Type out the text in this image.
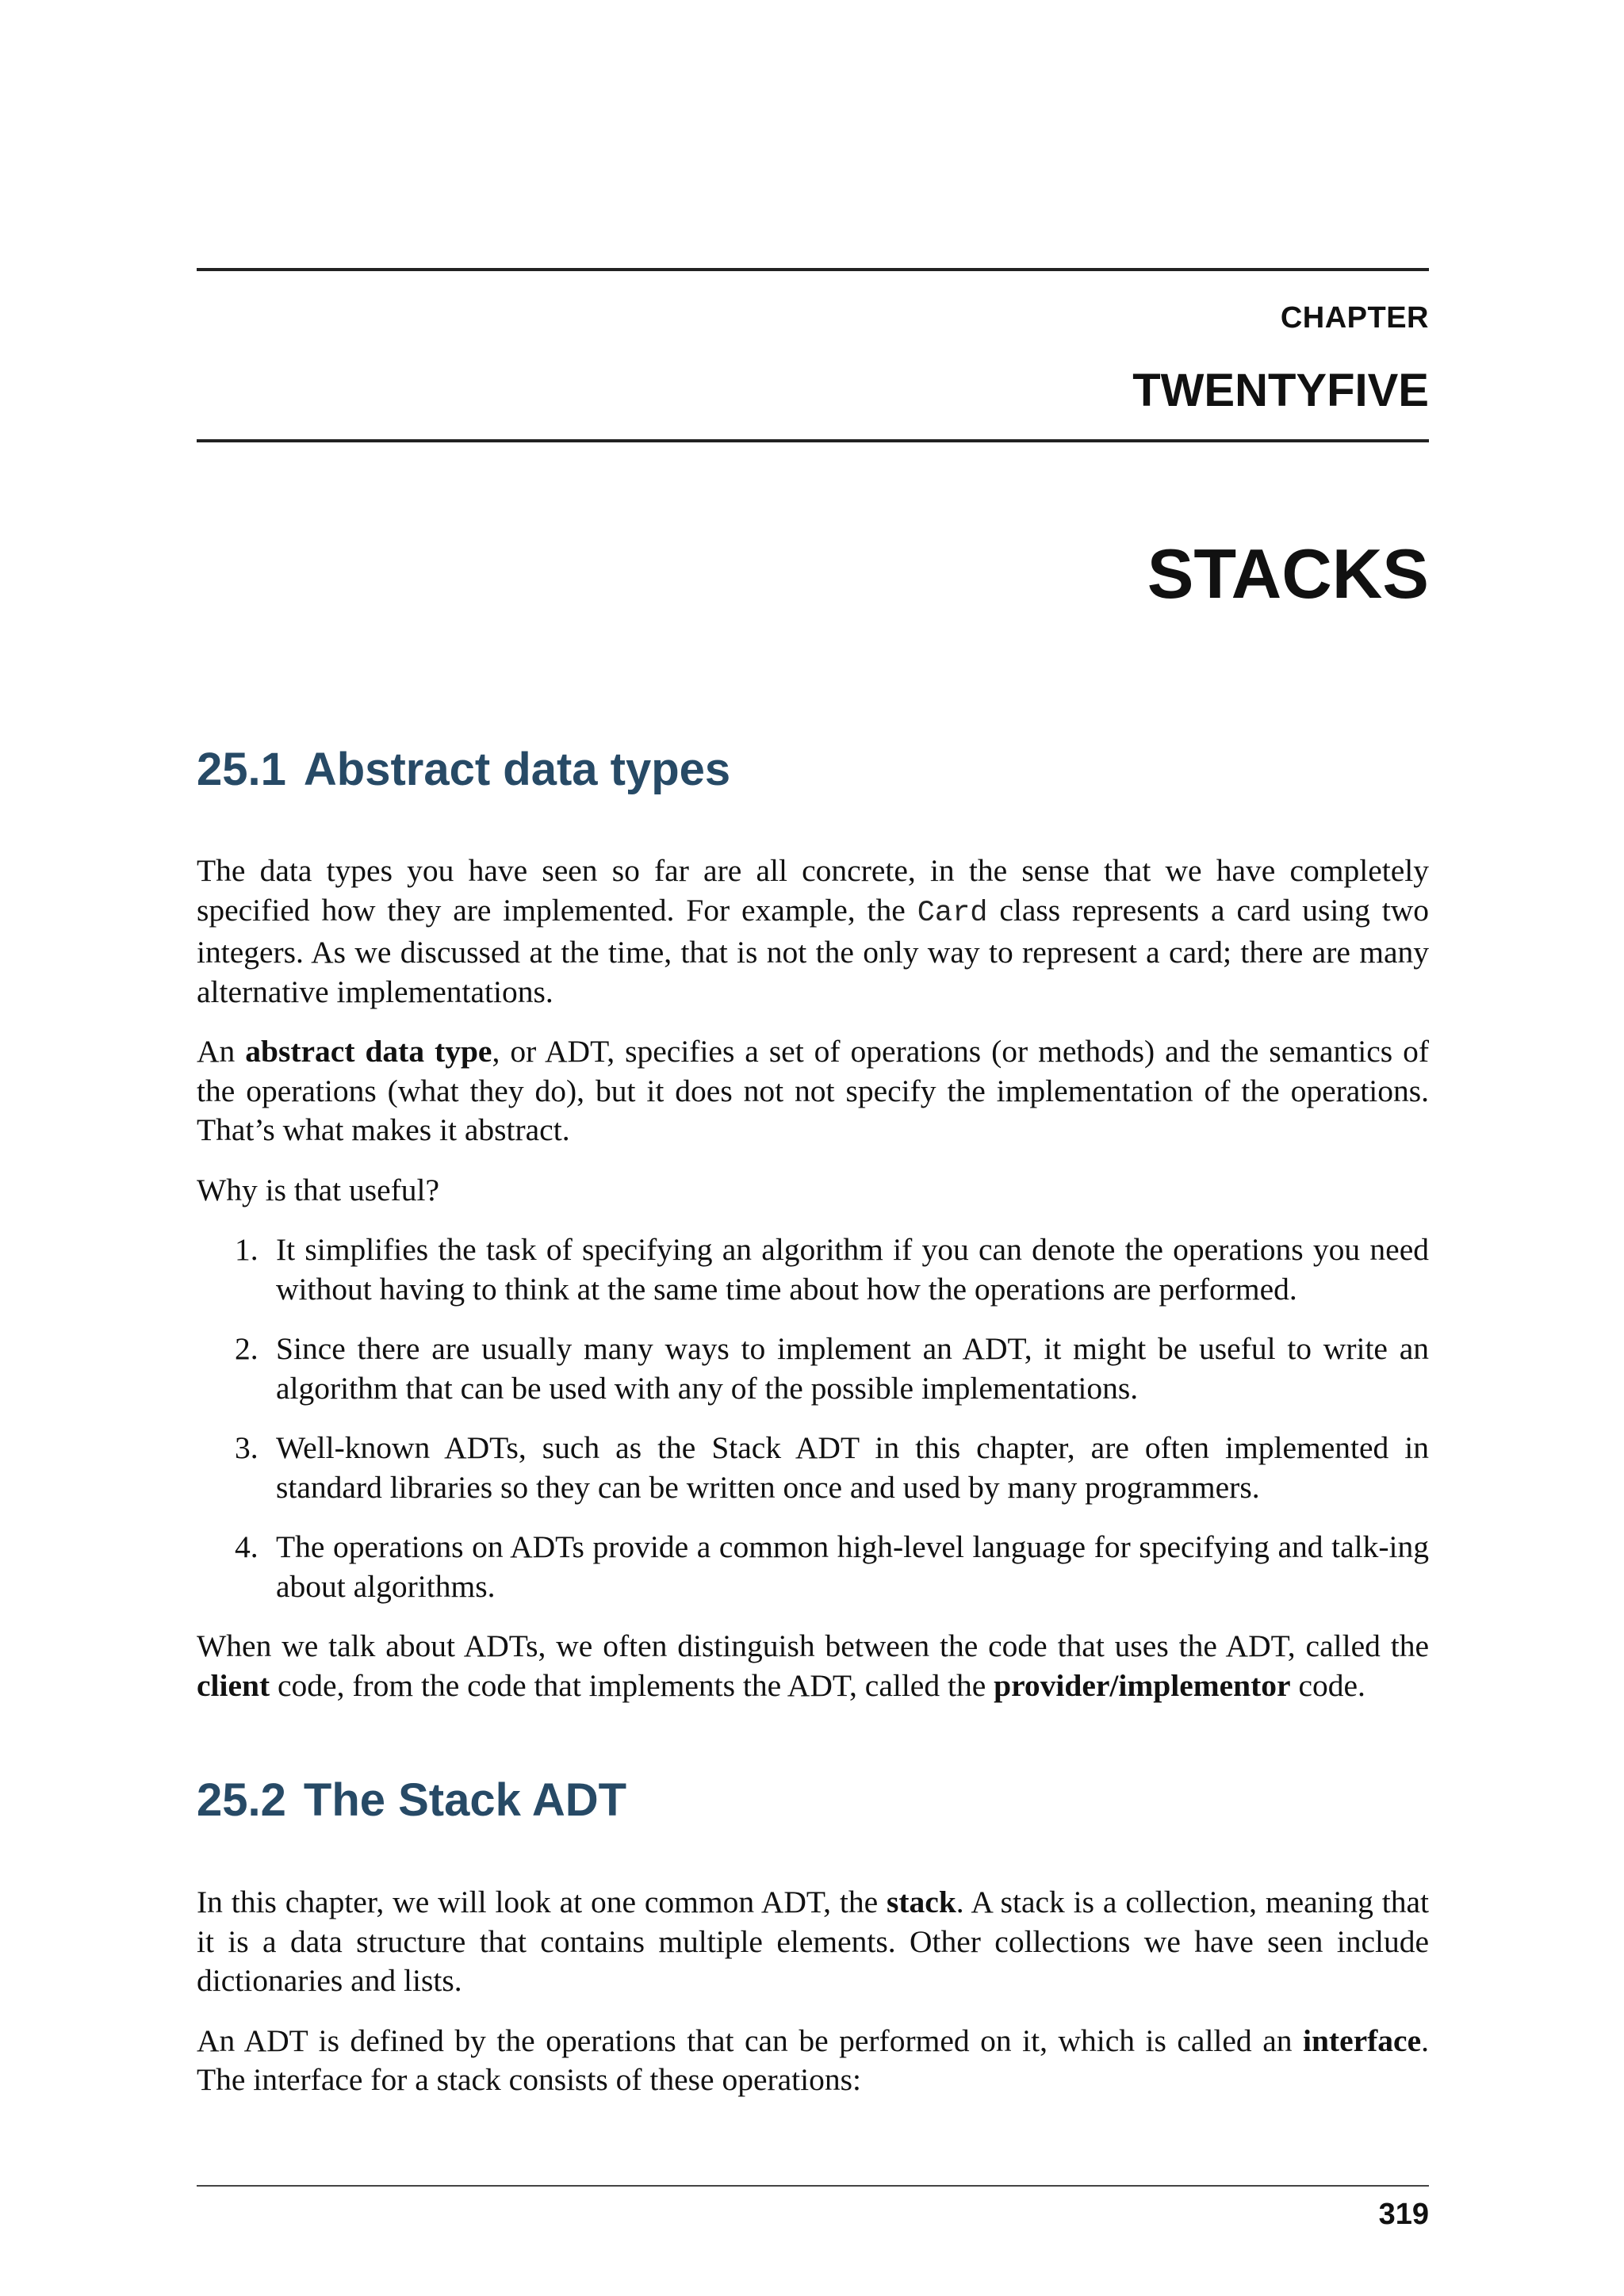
CHAPTER
TWENTYFIVE
STACKS
25.1 Abstract data types

The data types you have seen so far are all concrete, in the sense that we have completely specified how they are implemented. For example, the Card class represents a card using two integers. As we discussed at the time, that is not the only way to represent a card; there are many alternative implementations.

An abstract data type, or ADT, specifies a set of operations (or methods) and the semantics of the operations (what they do), but it does not not specify the implementation of the operations. That’s what makes it abstract.

Why is that useful?

1. It simplifies the task of specifying an algorithm if you can denote the operations you need without having to think at the same time about how the operations are performed.
2. Since there are usually many ways to implement an ADT, it might be useful to write an algorithm that can be used with any of the possible implementations.
3. Well-known ADTs, such as the Stack ADT in this chapter, are often implemented in standard libraries so they can be written once and used by many programmers.
4. The operations on ADTs provide a common high-level language for specifying and talk-ing about algorithms.

When we talk about ADTs, we often distinguish between the code that uses the ADT, called the client code, from the code that implements the ADT, called the provider/implementor code.

25.2 The Stack ADT

In this chapter, we will look at one common ADT, the stack. A stack is a collection, meaning that it is a data structure that contains multiple elements. Other collections we have seen include dictionaries and lists.

An ADT is defined by the operations that can be performed on it, which is called an interface. The interface for a stack consists of these operations:

319
